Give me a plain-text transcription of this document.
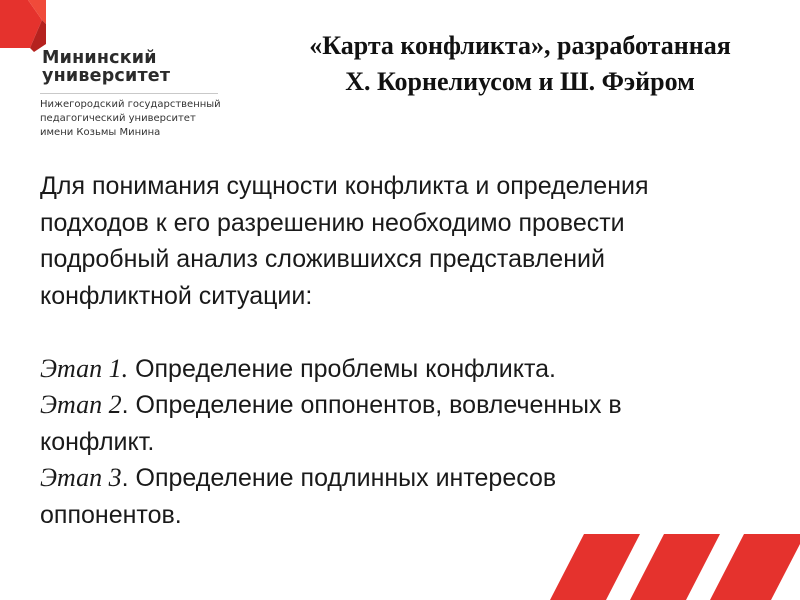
Мининский
университет
Нижегородский государственный
педагогический университет
имени Козьмы Минина
«Карта конфликта», разработанная
Х. Корнелиусом и Ш. Фэйром

Для понимания сущности конфликта и определения

подходов к его разрешению необходимо провести

подробный анализ сложившихся представлений

конфликтной ситуации:

Этап 1. Определение проблемы конфликта.

Этап 2. Определение оппонентов, вовлеченных в

конфликт.

Этап 3. Определение подлинных интересов

оппонентов.
